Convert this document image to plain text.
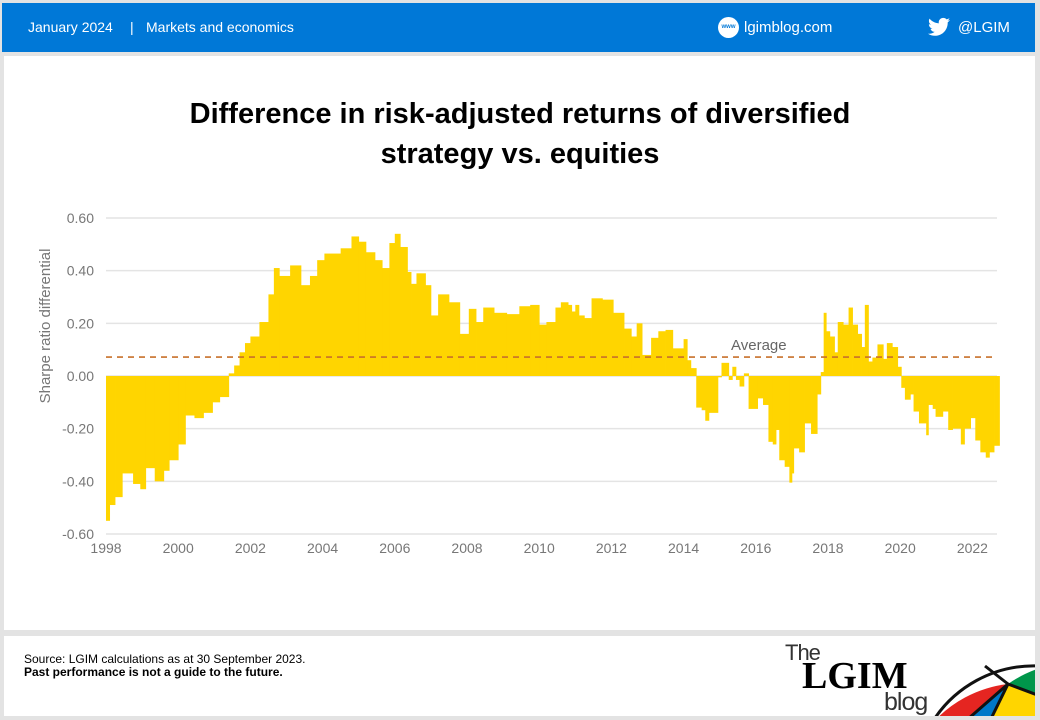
January 2024 | Markets and economics	www lgimblog.com	@LGIM
Difference in risk-adjusted returns of diversified
strategy vs. equities
0.60
0.40
0.20
0.00
-0.20
-0.40
-0.60
1998	2000	2002	2004	2006	2008	2010	2012	2014	2016	2018	2020	2022
Average
Sharpe ratio differential
The
LGIM
blog
Source: LGIM calculations as at 30 September 2023.
Past performance is not a guide to the future.
